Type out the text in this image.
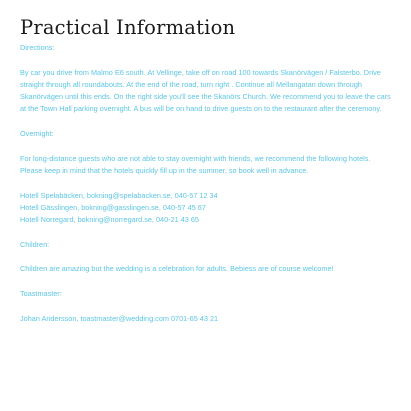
Practical Information

Directions:

By car you drive from Malmo E6 south. At Vellinge, take off on road 100 towards Skanörvägen / Falsterbo. Drive straight through all roundabouts. At the end of the road, turn right . Continue all Mellangatan down through Skanörvägen until this ends. On the right side you'll see the Skanörs Church. We recommend you to leave the cars at the Town Hall parking overnight. A bus will be on hand to drive guests on to the restaurant after the ceremony.

Overnight:

For long-distance guests who are not able to stay overnight with friends, we recommend the following hotels. Please keep in mind that the hotels quickly fill up in the summer, so book well in advance.

Hotell Spelabäcken, bokning@spelabacken.se, 040-57 12 34
Hotell Gässlingen, bokning@gasslingen.se, 040-57 45 67
Hotell Norregard, bokning@norregard.se, 040-21 43 65

Children:

Children are amazing but the wedding is a celebration for adults. Bebiess are of course welcome!

Toastmaster:

Johan Andersson, toastmaster@wedding.com 0701-65 43 21
